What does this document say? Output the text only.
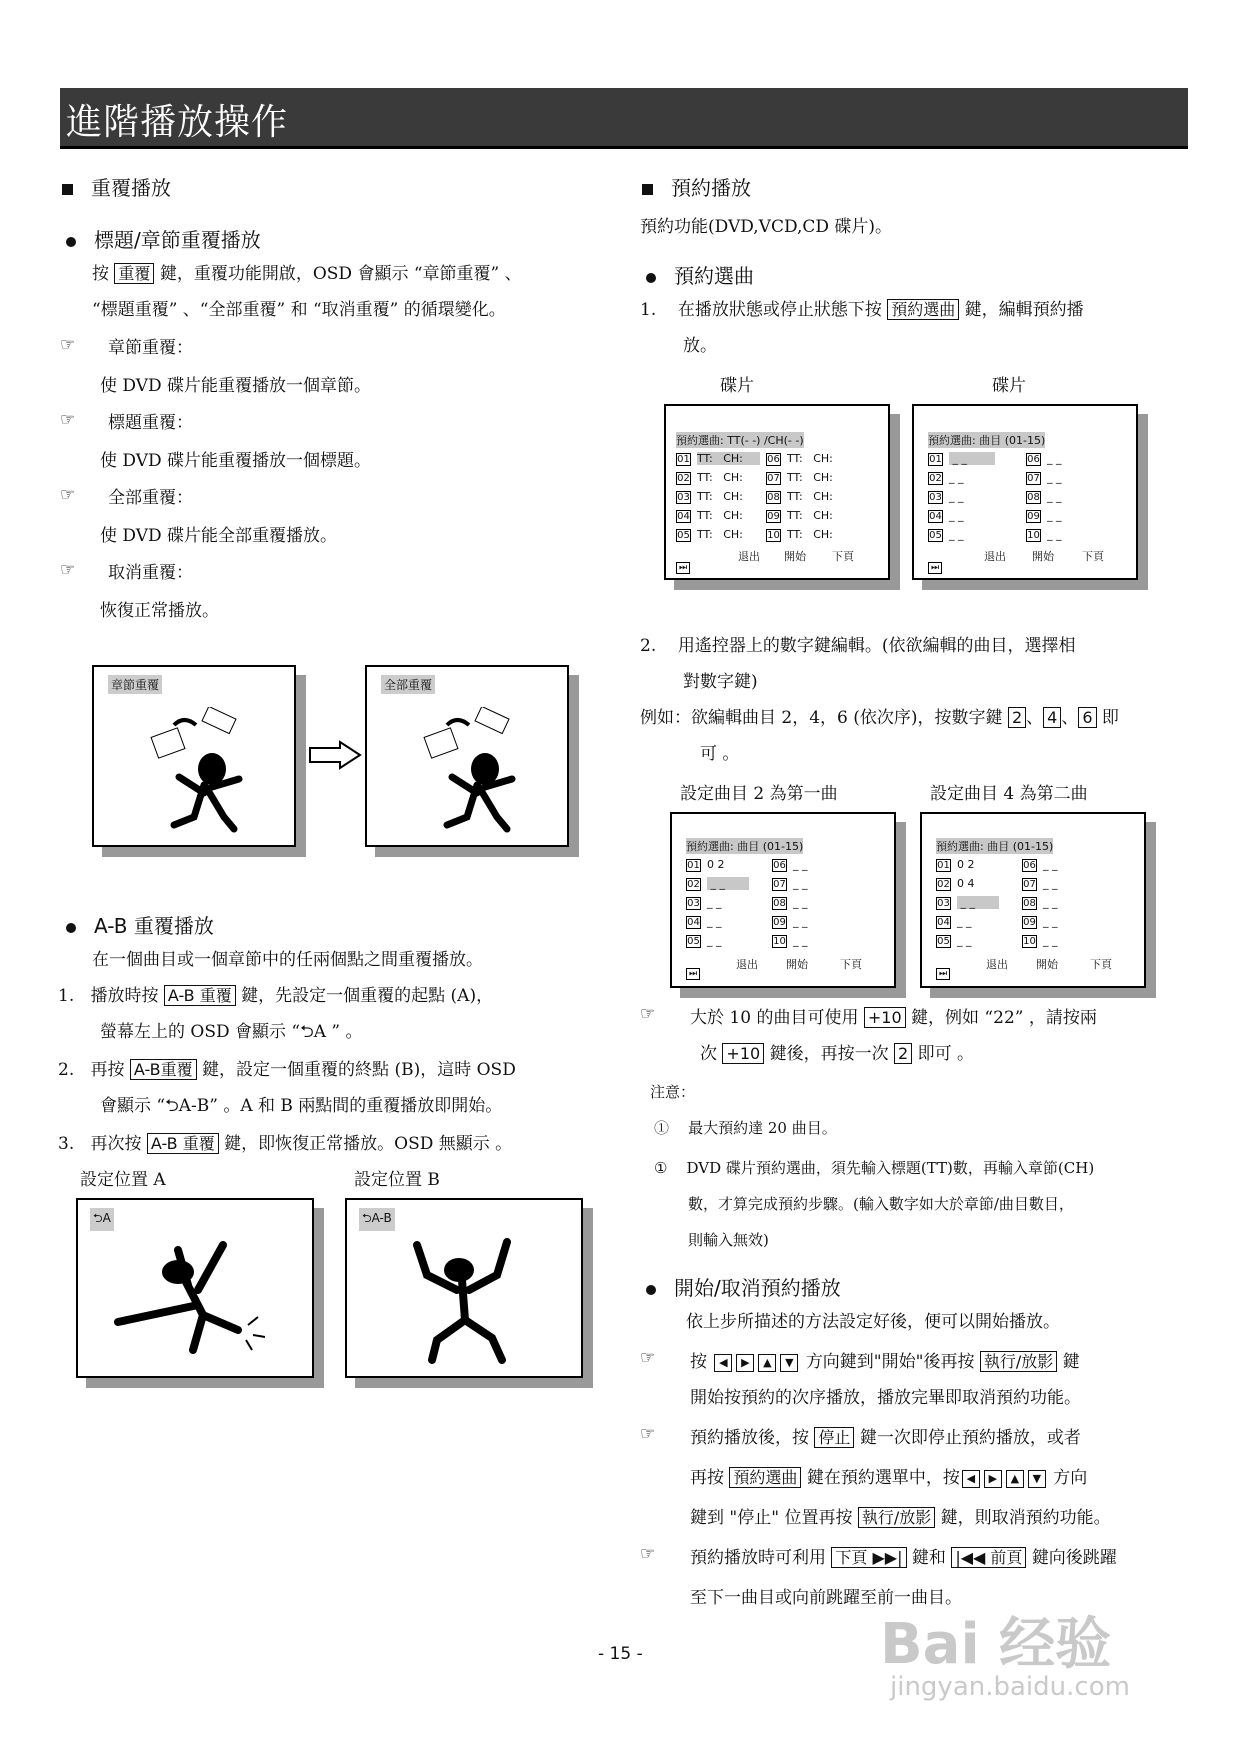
進階播放操作
重覆播放
標題/章節重覆播放
按 重覆 鍵，重覆功能開啟，OSD 會顯示 “章節重覆” 、
“標題重覆” 、“全部重覆” 和 “取消重覆” 的循環變化。
☞ 章節重覆：
使 DVD 碟片能重覆播放一個章節。
☞ 標題重覆：
使 DVD 碟片能重覆播放一個標題。
☞ 全部重覆：
使 DVD 碟片能全部重覆播放。
☞ 取消重覆：
恢復正常播放。
章節重覆	全部重覆
A-B 重覆播放
在一個曲目或一個章節中的任兩個點之間重覆播放。
1. 播放時按 A-B 重覆 鍵，先設定一個重覆的起點 (A)，
螢幕左上的 OSD 會顯示 “⮌A ” 。
2. 再按 A-B重覆 鍵，設定一個重覆的終點 (B)，這時 OSD
會顯示 “⮌A-B” 。A 和 B 兩點間的重覆播放即開始。
3. 再次按 A-B 重覆 鍵，即恢復正常播放。OSD 無顯示 。
設定位置 A	設定位置 B
⮌A	⮌A-B
預約播放
預約功能(DVD,VCD,CD 碟片)。
預約選曲
1.    在播放狀態或停止狀態下按 預約選曲 鍵，編輯預約播
放。
碟片	碟片
預約選曲: TT(- -) /CH(- -)
01 TT:   CH: 06 TT:   CH:
02 TT:   CH: 07 TT:   CH:
03 TT:   CH: 08 TT:   CH:
04 TT:   CH: 09 TT:   CH:
05 TT:   CH: 10 TT:   CH:
退出 開始 下頁
⏭
預約選曲: 曲目 (01-15)
01 _ _	06 _ _
02 _ _	07 _ _
03 _ _	08 _ _
04 _ _	09 _ _
05 _ _	10 _ _
退出 開始	下頁
⏭
2.    用遙控器上的數字鍵編輯。(依欲編輯的曲目，選擇相
對數字鍵)
例如：欲編輯曲目 2，4，6 (依次序)，按數字鍵 2 、 4 、 6 即
可 。
設定曲目 2 為第一曲	設定曲目 4 為第二曲
預約選曲: 曲目 (01-15)
01 0 2	06 _ _
02 _ _ 07 _ _
03 _ _	08 _ _
04 _ _	09 _ _
05 _ _	10 _ _
退出	開始	下頁
⏭
預約選曲: 曲目 (01-15)
01 0 2	06 _ _
02 0 4	07 _ _
03 _ _ 08 _ _
04 _ _	09 _ _
05 _ _	10 _ _
退出	開始	下頁
⏭
☞ 大於 10 的曲目可使用 +10 鍵，例如 “22” ，請按兩
次 +10 鍵後，再按一次 2 即可 。
注意：
①    最大預約達 20 曲目。
①    DVD 碟片預約選曲，須先輸入標題(TT)數，再輸入章節(CH)
數，才算完成預約步驟。(輸入數字如大於章節/曲目數目，
則輸入無效)
開始/取消預約播放
依上步所描述的方法設定好後，便可以開始播放。
☞ 按 ◀ ▶ ▲ ▼ 方向鍵到"開始"後再按 執行/放影 鍵
開始按預約的次序播放，播放完畢即取消預約功能。
☞ 預約播放後，按 停止 鍵一次即停止預約播放，或者
再按 預約選曲 鍵在預約選單中，按 ◀ ▶ ▲ ▼ 方向
鍵到 "停止" 位置再按 執行/放影 鍵，則取消預約功能。
☞ 預約播放時可利用 下頁 ▶▶| 鍵和 |◀◀ 前頁 鍵向後跳躍
至下一曲目或向前跳躍至前一曲目。
- 15 -	Bai 经验
jingyan.baidu.com
